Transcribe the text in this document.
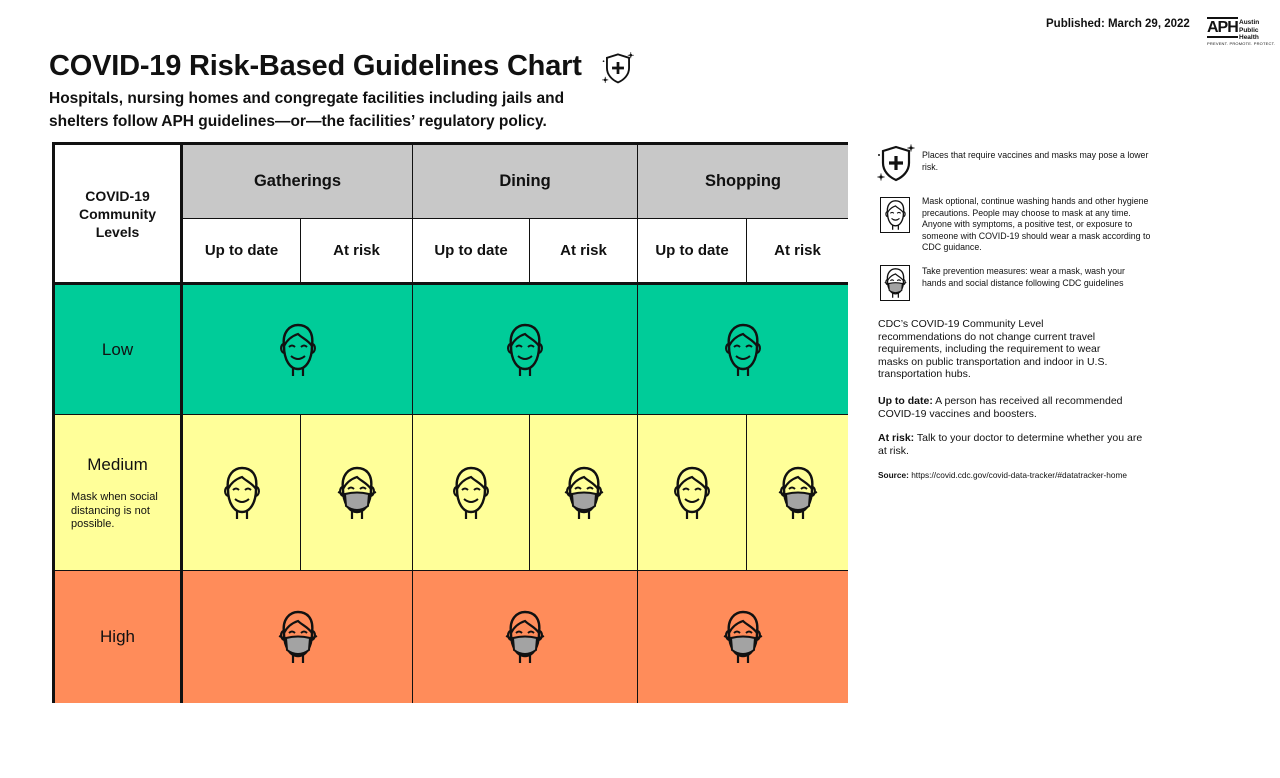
Published: March 29, 2022 APH Austin
Public
Health
PREVENT. PROMOTE. PROTECT.
COVID-19 Risk-Based Guidelines Chart

Hospitals, nursing homes and congregate facilities including jails and shelters follow APH guidelines—or—the facilities’ regulatory policy.

COVID-19 Community Levels
Gatherings	Dining	Shopping
Up to date	At risk	Up to date	At risk	Up to date	At risk
Low
Medium
Mask when social distancing is not possible.
High
Places that require vaccines and masks may pose a lower risk.
Mask optional, continue washing hands and other hygiene precautions. People may choose to mask at any time. Anyone with symptoms, a positive test, or exposure to someone with COVID-19 should wear a mask according to CDC guidance.
Take prevention measures: wear a mask, wash your hands and social distance following CDC guidelines

CDC’s COVID-19 Community Level recommendations do not change current travel requirements, including the requirement to wear masks on public transportation and indoor in U.S. transportation hubs.

Up to date: A person has received all recommended COVID-19 vaccines and boosters.

At risk: Talk to your doctor to determine whether you are at risk.

Source: https://covid.cdc.gov/covid-data-tracker/#datatracker-home
